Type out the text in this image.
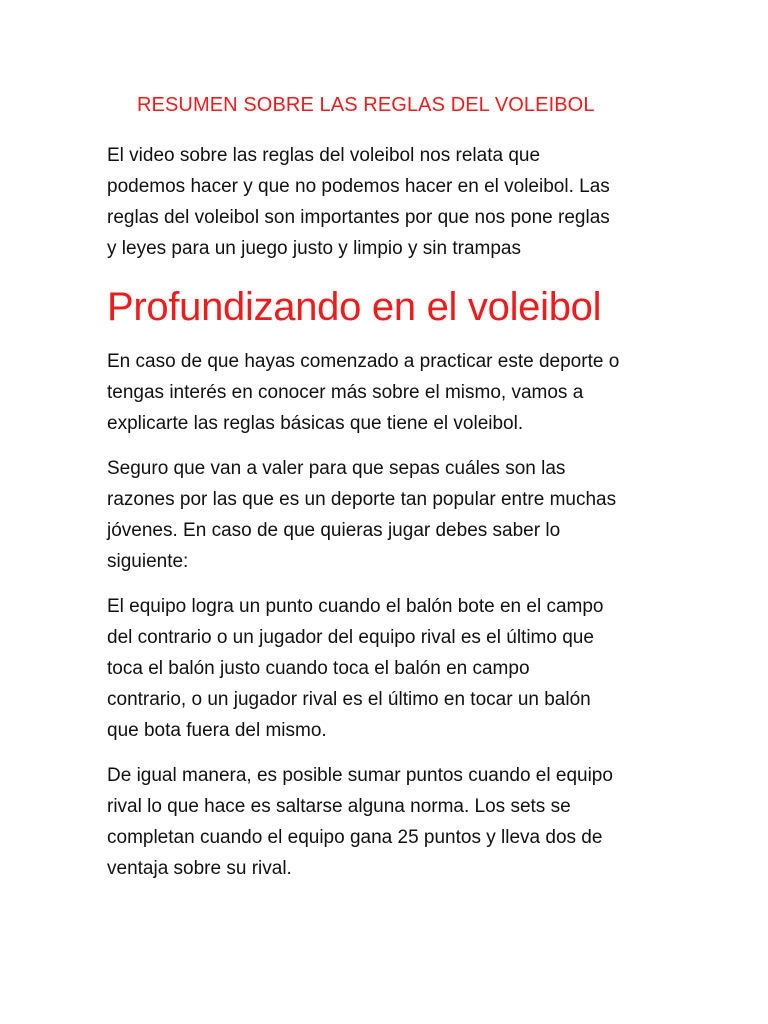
RESUMEN SOBRE LAS REGLAS DEL VOLEIBOL

El video sobre las reglas del voleibol nos relata que
podemos hacer y que no podemos hacer en el voleibol. Las
reglas del voleibol son importantes por que nos pone reglas
y leyes para un juego justo y limpio y sin trampas

Profundizando en el voleibol

En caso de que hayas comenzado a practicar este deporte o
tengas interés en conocer más sobre el mismo, vamos a
explicarte las reglas básicas que tiene el voleibol.

Seguro que van a valer para que sepas cuáles son las
razones por las que es un deporte tan popular entre muchas
jóvenes. En caso de que quieras jugar debes saber lo
siguiente:

El equipo logra un punto cuando el balón bote en el campo
del contrario o un jugador del equipo rival es el último que
toca el balón justo cuando toca el balón en campo
contrario, o un jugador rival es el último en tocar un balón
que bota fuera del mismo.

De igual manera, es posible sumar puntos cuando el equipo
rival lo que hace es saltarse alguna norma. Los sets se
completan cuando el equipo gana 25 puntos y lleva dos de
ventaja sobre su rival.
